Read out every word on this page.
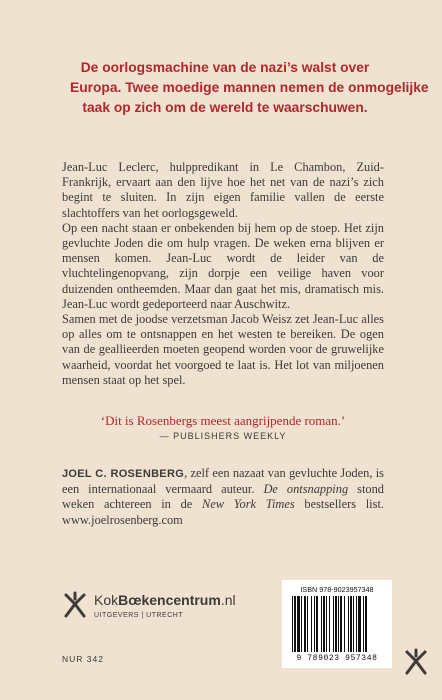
De oorlogsmachine van de nazi’s walst over
Europa. Twee moedige mannen nemen de onmogelijke
taak op zich om de wereld te waarschuwen.

Jean-Luc Leclerc, hulppredikant in Le Chambon, Zuid-Frankrijk, ervaart aan den lijve hoe het net van de nazi’s zich begint te sluiten. In zijn eigen familie vallen de eerste slachtoffers van het oorlogsgeweld.

Op een nacht staan er onbekenden bij hem op de stoep. Het zijn gevluchte Joden die om hulp vragen. De weken erna blijven er mensen komen. Jean-Luc wordt de leider van de vluchtelingenopvang, zijn dorpje een veilige haven voor duizenden ontheemden. Maar dan gaat het mis, dramatisch mis. Jean-Luc wordt gedeporteerd naar Auschwitz.

Samen met de joodse verzetsman Jacob Weisz zet Jean-Luc alles op alles om te ontsnappen en het westen te bereiken. De ogen van de geallieerden moeten geopend worden voor de gruwelijke waarheid, voordat het voorgoed te laat is. Het lot van miljoenen mensen staat op het spel.

‘Dit is Rosenbergs meest aangrijpende roman.’
— PUBLISHERS WEEKLY
JOEL C. ROSENBERG, zelf een nazaat van gevluchte Joden, is een internationaal vermaard auteur. De ontsnapping stond weken achtereen in de New York Times bestsellers list. www.joelrosenberg.com
KokBœkencentrum.nl
UITGEVERS | UTRECHT
NUR 342
ISBN 978-9023957348
9 789023 957348
